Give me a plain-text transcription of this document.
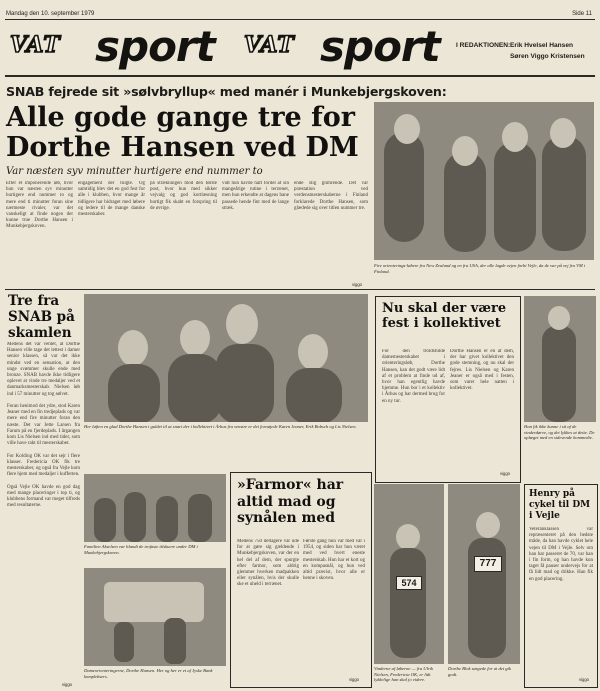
Mandag den 10. september 1979	Side 11
VAT sport VAT sport I REDAKTIONEN: Erik Hvelsel Hansen
Søren Viggo Kristensen
SNAB fejrede sit »sølvbryllup« med manér i Munkebjergskoven:
Alle gode gange tre for
Dorthe Hansen ved DM
Var næsten syv minutter hurtigere end nummer to
Efter et imponerende løb, hvor hun var næsten syv minutter hurtigere end nummer to og mere end ti minutter foran sine nærmeste rivaler, var det vanskeligt at finde nogen der kunne true Dorthe Hansen i Munkebjergskoven.
engagement der fulgte. Og samtidig blev det en god fest for alle i klubben, hvor mange år tidligere har bidraget med løbere og ledere til de mange danske mesterskaber.
på strækningen mod den første post, hvor hun med sikker vejvalg og god kortlæsning hurtigt fik skabt en forspring til de øvrige.
vidt hun havde haft fordel af sin mangeårige rutine i terrænet, men hun erkendte at dagens bane passede hende fint med de lange stræk.
ende stig glimrende. Det var præstation ved verdensmesterskaberne i Finland forklarede Dorthe Hansen, som glædede sig over titlen nummer tre.
viggo
Fire orienterings-løbere fra New Zealand og en fra USA, der alle lagde vejen forbi Vejle, da de var på vej fra VM i Finland.
Tre fra SNAB på skamlen
Medens det var ventet, at Dorthe Hansen ville tage det lettest i damer senior klassen, så var det ikke mindst ved en sensation, at den unge svømmer skulle ende med bronze. SNAB havde ikke tidligere oplevet at vinde tre medaljer ved et danmarksmesterskab. Nielsen løb ind i 57 minutter og tog sølvet.

Foran henimod det ydre, stod Karen Jeaner med en fin tredjeplads og var mere end fire minutter foran den næste. Det var Jette Larsen fra Farum på en fjerdeplads. I årgangen kom Lis Nielsen ind med tider, som ville have rakt til mesterskabet.

For Kolding OK var det sejr i flere klasser. Fredericia OK fik tre mesterskaber, og også fra Vejle kom flere hjem med medaljer i kufferten.

Også Vejle OK havde en god dag med mange placeringer i top ti, og klubbens formand var meget tilfreds med resultaterne.
viggo
Her løften en glad Dorthe Hansen i guldet til at snart der i kollektivet i Århus fra venstre er det fornøjede Karen Jeaner, Erik Bobsch og Lis Nielsen.
Nu skal der være fest i kollektivet
For den troldsfulde damemesterskabet i orienteringsløb, Dorthe Hansen, kan det godt være lidt af et problem at finde ud af, hvor han egentlig havde hjemme. Hun bor i et kollektiv i Århus og har dermed brug for en ny tur.
Dorthe Hansen er en af dem, der har givet kollektivet den gode stemning, og nu skal der fejres. Lis Nielsen og Karen Jeaner er også med i festen, som varer hele natten i kollektivet.
viggo
Han fik ikke kunne i sit af de vinderdørve, og det lykkes at dette. De oplæget med en sidevende kommedie.
Familien Akselsen var blandt de trofaste tilskuere under DM i Munkebjergskoven.
Dameorienteringerne, Dorthe Hansen. Her og her er et af Jyske Bank kompleksers.
»Farmor« har altid mad og synålen med
Medens 750 deltagere var ude for at gøre sig gældende i Munkebjergskoven, var der en hel del af dem, der spurgte efter farmor, som aldrig glemmer hverken madpakken eller synålen, hvis der skulle ske et uheld i terrænet.
Første gang hun var med var i 1954, og siden har hun været med ved hvert eneste mesterskab. Hun har et kort og en kompasnål, og hun ved altid præcist, hvor alle er henne i skoven.
viggo
574
777
Vinderne af løberne — fra Ulrik Nielsen, Fredericia OK, er lidt lykkelige han skal jo videre.
Dorthe Blok sørgede for at det gik godt.
Henry på cykel til DM i Vejle
Veteranklassen var repræsenteret på den bedste måde, da han havde cyklet hele vejen til DM i Vejle. Selv om han har passeret de 70, var han i fin form, og han havde kun taget få pauser undervejs for at få lidt mad og drikke. Han fik en god placering.
viggo
